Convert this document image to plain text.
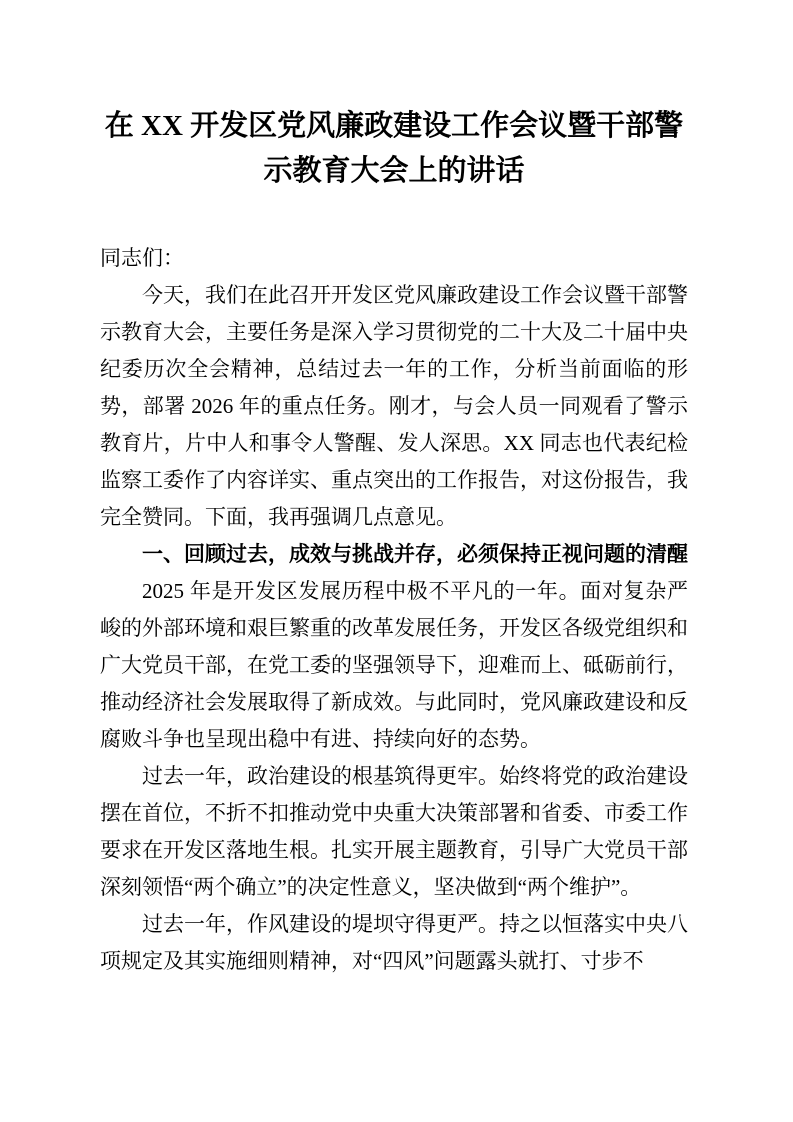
在 XX 开发区党风廉政建设工作会议暨干部警示教育大会上的讲话

同志们：

今天，我们在此召开开发区党风廉政建设工作会议暨干部警示教育大会，主要任务是深入学习贯彻党的二十大及二十届中央纪委历次全会精神，总结过去一年的工作，分析当前面临的形势，部署 2026 年的重点任务。刚才，与会人员一同观看了警示教育片，片中人和事令人警醒、发人深思。XX 同志也代表纪检监察工委作了内容详实、重点突出的工作报告，对这份报告，我完全赞同。下面，我再强调几点意见。

一、回顾过去，成效与挑战并存，必须保持正视问题的清醒

2025 年是开发区发展历程中极不平凡的一年。面对复杂严峻的外部环境和艰巨繁重的改革发展任务，开发区各级党组织和广大党员干部，在党工委的坚强领导下，迎难而上、砥砺前行，推动经济社会发展取得了新成效。与此同时，党风廉政建设和反腐败斗争也呈现出稳中有进、持续向好的态势。

过去一年，政治建设的根基筑得更牢。始终将党的政治建设摆在首位，不折不扣推动党中央重大决策部署和省委、市委工作要求在开发区落地生根。扎实开展主题教育，引导广大党员干部深刻领悟“两个确立”的决定性意义，坚决做到“两个维护”。

过去一年，作风建设的堤坝守得更严。持之以恒落实中央八项规定及其实施细则精神，对“四风”问题露头就打、寸步不
